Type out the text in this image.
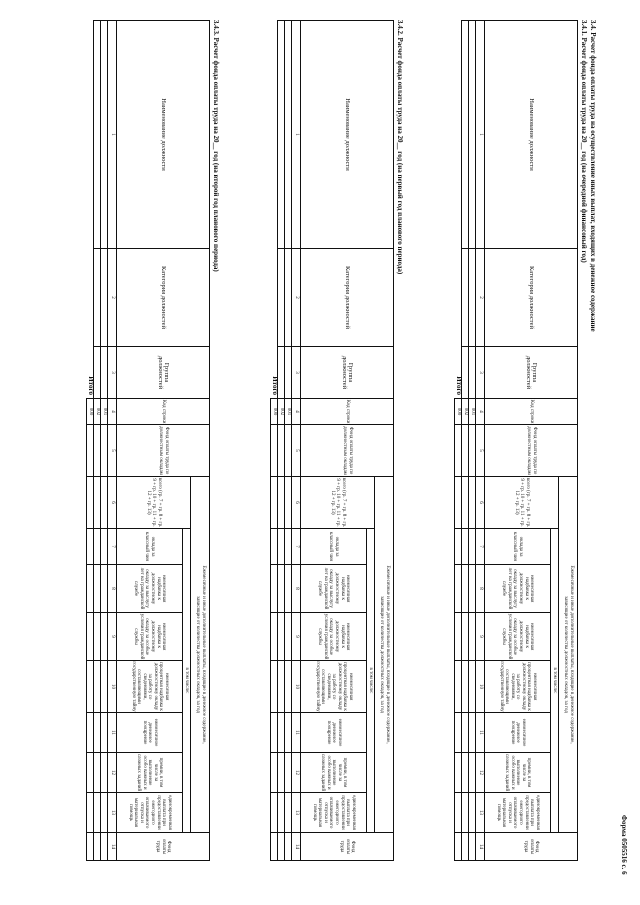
Форма 0505516 с. 6
3.4. Расчет фонда оплаты труда на осуществление иных выплат, входящих в денежное содержание
3.4.1. Расчет фонда оплаты труда на 20__ год (на очередной финансовый год)
Наименование должности	Категория должностей	Группа должностей	Код строки	Фонд оплаты труда по должностным окладам	Ежемесячные и иные дополнительные выплаты, входящие в денежное содержание,
зависящие от количества должностных окладов, за год								Фонд оплаты труда
					всего (гр. 7 + гр. 8 + гр. 9 + гр. 10 + гр. 11 + гр. 12 + гр. 13)	в том числе:							
						оклада за классный чин	ежемесячная надбавка к должностному окладу за выслугу лет на гражданской службе	ежемесячная надбавка к должностному окладу за особые условия гражданской службы	ежемесячная процентная надбавка к должностному окладу за работу со сведениями, составляющими государственную тайну	ежемесячное денежное поощрение	премии, в том числе за выполнение особо важных и сложных заданий	единовременная выплата при предоставлении ежегодного оплачиваемого отпуска и материальная помощь	
1	2	3	4	5	6	7	8	9	10	11	12	13	14
			001										
			002										
Итого			000										
3.4.2. Расчет фонда оплаты труда на 20__ год (на первый год планового периода)
Наименование должности	Категория должностей	Группа должностей	Код строки	Фонд оплаты труда по должностным окладам	Ежемесячные и иные дополнительные выплаты, входящие в денежное содержание,
зависящие от количества должностных окладов, за год								Фонд оплаты труда
					всего (гр. 7 + гр. 8 + гр. 9 + гр. 10 + гр. 11 + гр. 12 + гр. 13)	в том числе:							
						оклада за классный чин	ежемесячная надбавка к должностному окладу за выслугу лет на гражданской службе	ежемесячная надбавка к должностному окладу за особые условия гражданской службы	ежемесячная процентная надбавка к должностному окладу за работу со сведениями, составляющими государственную тайну	ежемесячное денежное поощрение	премии, в том числе за выполнение особо важных и сложных заданий	единовременная выплата при предоставлении ежегодного оплачиваемого отпуска и материальная помощь	
1	2	3	4	5	6	7	8	9	10	11	12	13	14
			001										
			002										
Итого			000										
3.4.3. Расчет фонда оплаты труда на 20__ год (на второй год планового периода)
Наименование должности	Категория должностей	Группа должностей	Код строки	Фонд оплаты труда по должностным окладам	Ежемесячные и иные дополнительные выплаты, входящие в денежное содержание,
зависящие от количества должностных окладов, за год								Фонд оплаты труда
					всего (гр. 7 + гр. 8 + гр. 9 + гр. 10 + гр. 11 + гр. 12 + гр. 13)	в том числе:							
						оклада за классный чин	ежемесячная надбавка к должностному окладу за выслугу лет на гражданской службе	ежемесячная надбавка к должностному окладу за особые условия гражданской службы	ежемесячная процентная надбавка к должностному окладу за работу со сведениями, составляющими государственную тайну	ежемесячное денежное поощрение	премии, в том числе за выполнение особо важных и сложных заданий	единовременная выплата при предоставлении ежегодного оплачиваемого отпуска и материальная помощь	
1	2	3	4	5	6	7	8	9	10	11	12	13	14
			001										
			002										
Итого			000										
